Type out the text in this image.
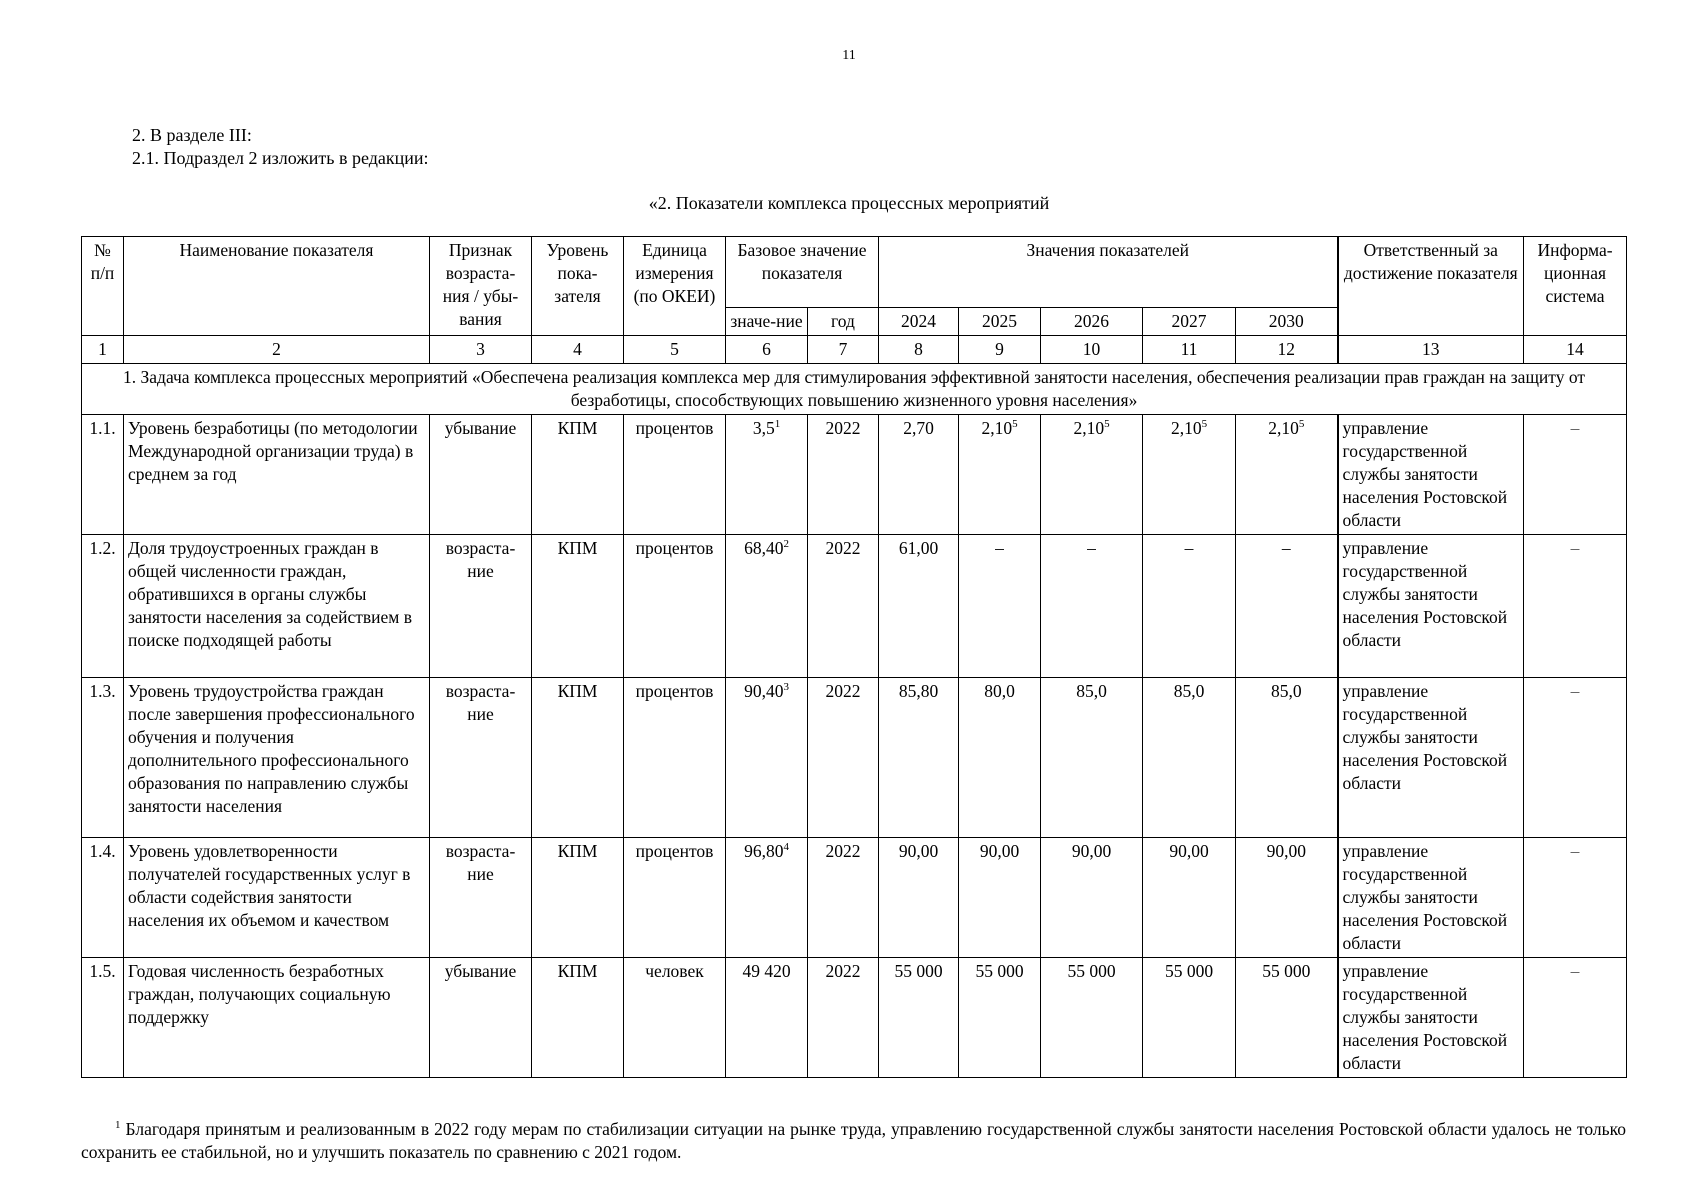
11
2. В разделе III:
2.1. Подраздел 2 изложить в редакции:
«2. Показатели комплекса процессных мероприятий
№ п/п	Наименование показателя	Признак возраста-ния / убы-вания	Уровень пока-зателя	Единица измерения (по ОКЕИ)	Базовое значение показателя		Значения показателей					Ответственный за достижение показателя	Информа-ционная система
					значе-ние	год	2024	2025	2026	2027	2030		
1	2	3	4	5	6	7	8	9	10	11	12	13	14
1. Задача комплекса процессных мероприятий «Обеспечена реализация комплекса мер для стимулирования эффективной занятости населения, обеспечения реализации прав граждан на защиту от безработицы, способствующих повышению жизненного уровня населения»													
1.1.	Уровень безработицы (по методологии Международной организации труда) в среднем за год	убывание	КПМ	процентов	$3,5^1$	2022	2,70	2,10$^5$	2,10$^5$	2,10$^5$	2,10$^5$	управление государственной службы занятости населения Ростовской области	–
1.2.	Доля трудоустроенных граждан в общей численности граждан, обратившихся в органы службы занятости населения за содействием в поиске подходящей работы	возраста-ние	КПМ	процентов	68,40$^2$	2022	61,00	–	–	–	–	управление государственной службы занятости населения Ростовской области	–
1.3.	Уровень трудоустройства граждан после завершения профессионального обучения и получения дополнительного профессионального образования по направлению службы занятости населения	возраста-ние	КПМ	процентов	90,40$^3$	2022	85,80	80,0	85,0	85,0	85,0	управление государственной службы занятости населения Ростовской области	–
1.4.	Уровень удовлетворенности получателей государственных услуг в области содействия занятости населения их объемом и качеством	возраста-ние	КПМ	процентов	96,80$^4$	2022	90,00	90,00	90,00	90,00	90,00	управление государственной службы занятости населения Ростовской области	–
1.5.	Годовая численность безработных граждан, получающих социальную поддержку	убывание	КПМ	человек	49 420	2022	55 000	55 000	55 000	55 000	55 000	управление государственной службы занятости населения Ростовской области	–
$^1$ Благодаря принятым и реализованным в 2022 году мерам по стабилизации ситуации на рынке труда, управлению государственной службы занятости населения Ростовской области удалось не только сохранить ее стабильной, но и улучшить показатель по сравнению с 2021 годом.
